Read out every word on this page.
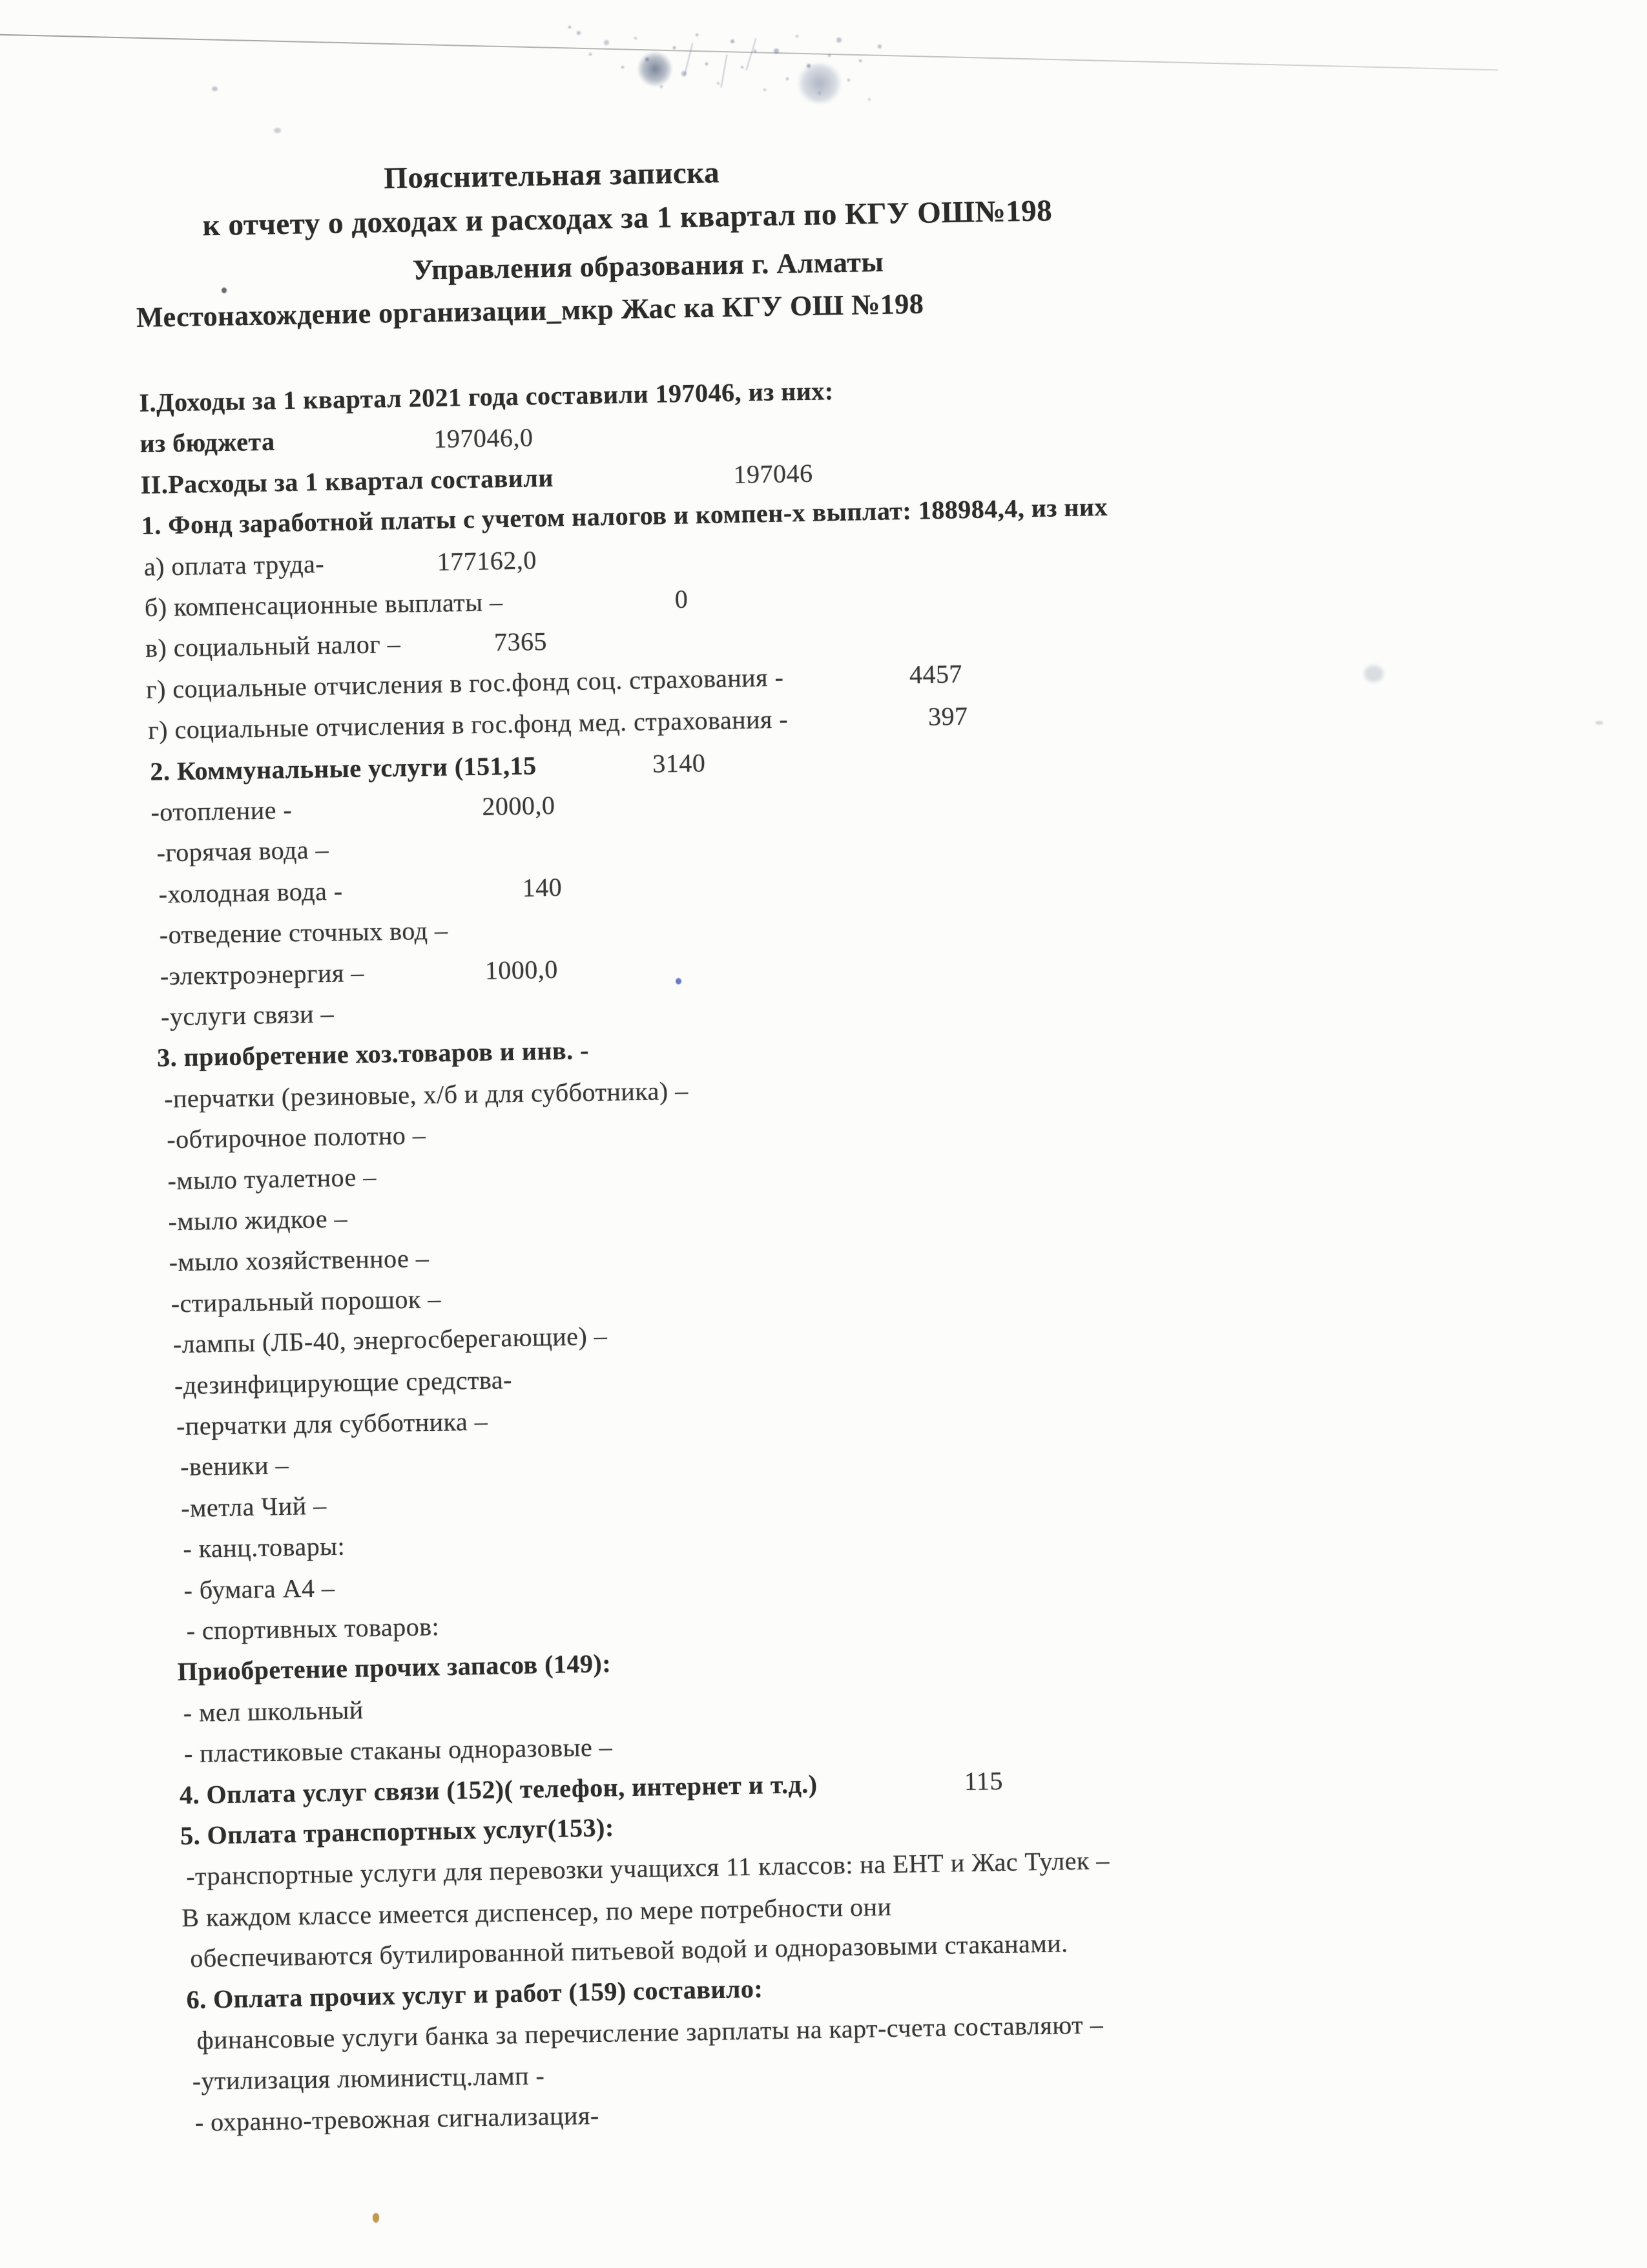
Пояснительная записка
к отчету о доходах и расходах за 1 квартал по КГУ ОШ№198
Управления образования г. Алматы
Местонахождение организации_мкр Жас ка КГУ ОШ №198
I.Доходы за 1 квартал 2021 года составили 197046, из них:
из бюджета	197046,0
II.Расходы за 1 квартал составили	197046
1. Фонд заработной платы с учетом налогов и компен-х выплат: 188984,4, из них
а) оплата труда-	177162,0
б) компенсационные выплаты –	0
в) социальный налог –	7365
г) социальные отчисления в гос.фонд соц. страхования -	4457
г) социальные отчисления в гос.фонд мед. страхования -	397
2. Коммунальные услуги (151,15	3140
-отопление -	2000,0
-горячая вода –
-холодная вода -	140
-отведение сточных вод –
-электроэнергия –	1000,0
-услуги связи –
3. приобретение хоз.товаров и инв. -
-перчатки (резиновые, х/б и для субботника) –
-обтирочное полотно –
-мыло туалетное –
-мыло жидкое –
-мыло хозяйственное –
-стиральный порошок –
-лампы (ЛБ-40, энергосберегающие) –
-дезинфицирующие средства-
-перчатки для субботника –
-веники –
-метла Чий –
- канц.товары:
- бумага А4 –
- спортивных товаров:
Приобретение прочих запасов (149):
- мел школьный
- пластиковые стаканы одноразовые –
4. Оплата услуг связи (152)( телефон, интернет и т.д.)	115
5. Оплата транспортных услуг(153):
-транспортные услуги для перевозки учащихся 11 классов: на ЕНТ и Жас Тулек –
В каждом классе имеется диспенсер, по мере потребности они
обеспечиваются бутилированной питьевой водой и одноразовыми стаканами.
6. Оплата прочих услуг и работ (159) составило:
финансовые услуги банка за перечисление зарплаты на карт-счета составляют –
-утилизация люминистц.ламп -
- охранно-тревожная сигнализация-
